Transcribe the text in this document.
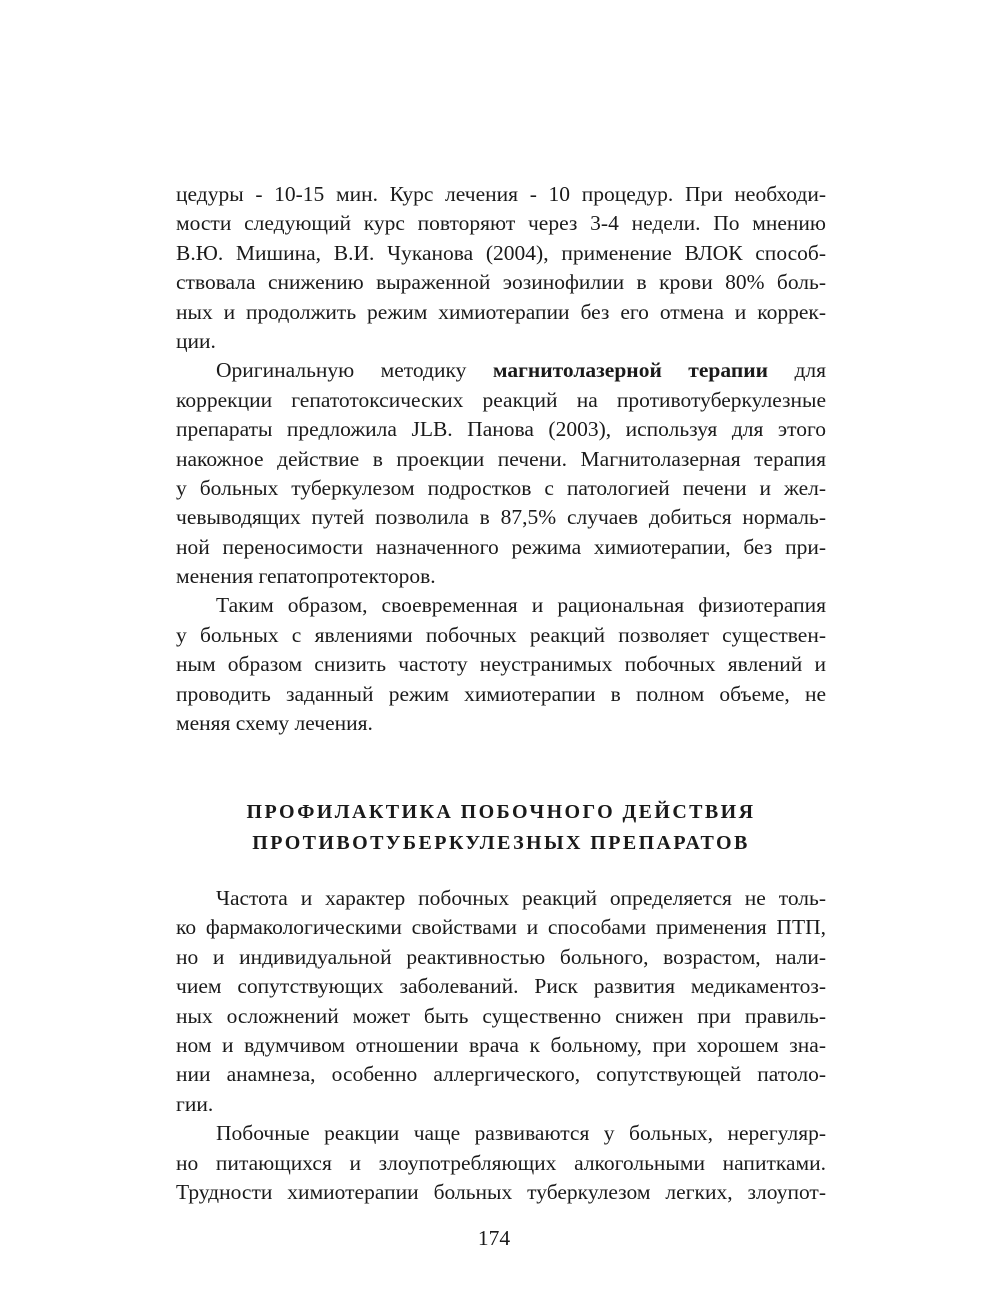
цедуры - 10-15 мин. Курс лечения - 10 процедур. При необходи-
мости следующий курс повторяют через 3-4 недели. По мнению
В.Ю. Мишина, В.И. Чуканова (2004), применение ВЛОК способ-
ствовала снижению выраженной эозинофилии в крови 80% боль-
ных и продолжить режим химиотерапии без его отмена и коррек-
ции.
Оригинальную методику магнитолазерной терапии для
коррекции гепатотоксических реакций на противотуберкулезные
препараты предложила JLB. Панова (2003), используя для этого
накожное действие в проекции печени. Магнитолазерная терапия
у больных туберкулезом подростков с патологией печени и жел-
чевыводящих путей позволила в 87,5% случаев добиться нормаль-
ной переносимости назначенного режима химиотерапии, без при-
менения гепатопротекторов.
Таким образом, своевременная и рациональная физиотерапия
у больных с явлениями побочных реакций позволяет существен-
ным образом снизить частоту неустранимых побочных явлений и
проводить заданный режим химиотерапии в полном объеме, не
меняя схему лечения.
ПРОФИЛАКТИКА ПОБОЧНОГО ДЕЙСТВИЯ
ПРОТИВОТУБЕРКУЛЕЗНЫХ ПРЕПАРАТОВ
Частота и характер побочных реакций определяется не толь-
ко фармакологическими свойствами и способами применения ПТП,
но и индивидуальной реактивностью больного, возрастом, нали-
чием сопутствующих заболеваний. Риск развития медикаментоз-
ных осложнений может быть существенно снижен при правиль-
ном и вдумчивом отношении врача к больному, при хорошем зна-
нии анамнеза, особенно аллергического, сопутствующей патоло-
гии.
Побочные реакции чаще развиваются у больных, нерегуляр-
но питающихся и злоупотребляющих алкогольными напитками.
Трудности химиотерапии больных туберкулезом легких, злоупот-
174
